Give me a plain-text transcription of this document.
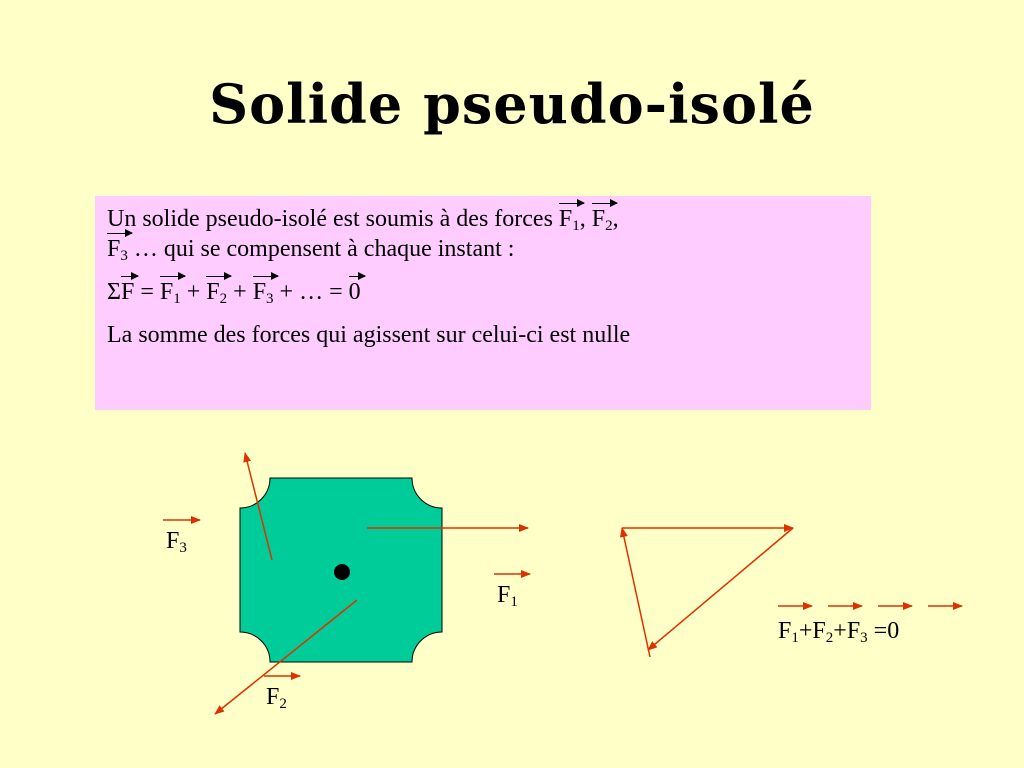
Solide pseudo-isolé

Un solide pseudo-isolé est soumis à des forces $F_1$, $F_2$,
$F_3$ … qui se compensent à chaque instant :

$\Sigma F = F_1 + F_2 + F_3$ + … = 0

La somme des forces qui agissent sur celui-ci est nulle

$F_3$
$F_1$
$F_2$
$F_1+F_2+F_3 =0$
